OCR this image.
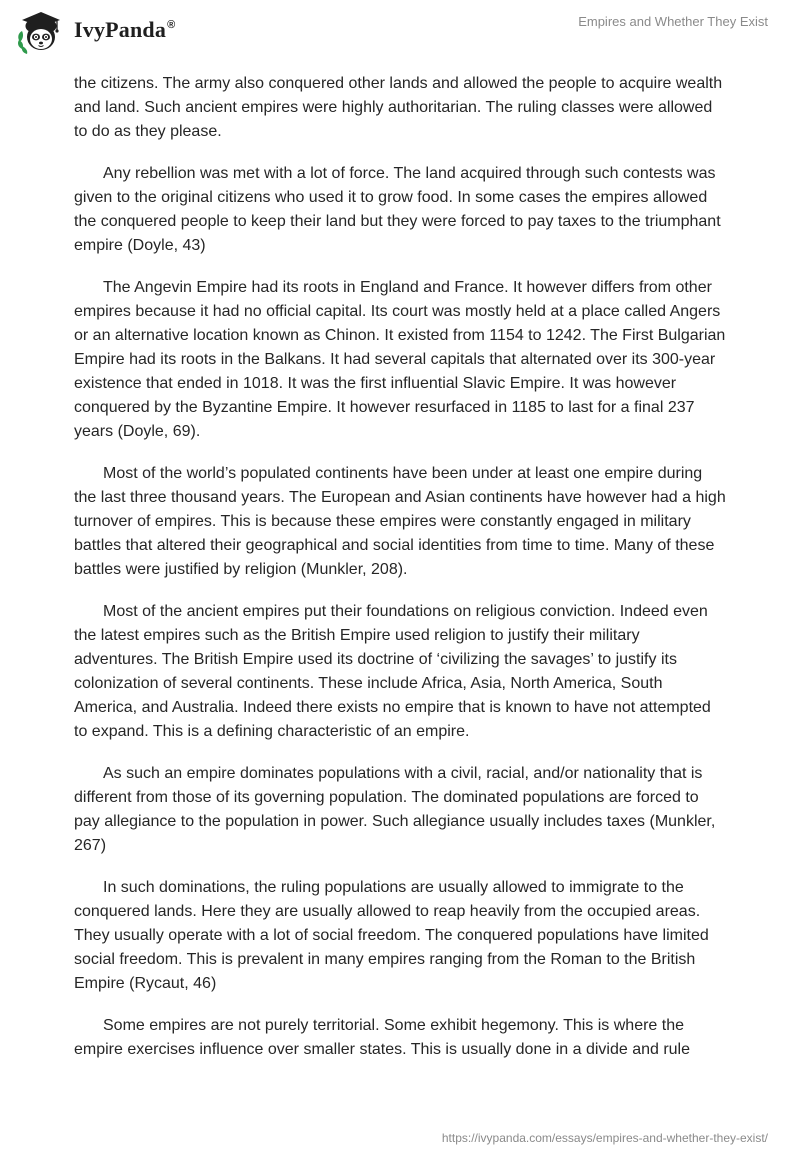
IvyPanda®	Empires and Whether They Exist

the citizens. The army also conquered other lands and allowed the people to acquire wealth and land. Such ancient empires were highly authoritarian. The ruling classes were allowed to do as they please.

Any rebellion was met with a lot of force. The land acquired through such contests was given to the original citizens who used it to grow food. In some cases the empires allowed the conquered people to keep their land but they were forced to pay taxes to the triumphant empire (Doyle, 43)

The Angevin Empire had its roots in England and France. It however differs from other empires because it had no official capital. Its court was mostly held at a place called Angers or an alternative location known as Chinon. It existed from 1154 to 1242. The First Bulgarian Empire had its roots in the Balkans. It had several capitals that alternated over its 300-year existence that ended in 1018. It was the first influential Slavic Empire. It was however conquered by the Byzantine Empire. It however resurfaced in 1185 to last for a final 237 years (Doyle, 69).

Most of the world’s populated continents have been under at least one empire during the last three thousand years. The European and Asian continents have however had a high turnover of empires. This is because these empires were constantly engaged in military battles that altered their geographical and social identities from time to time. Many of these battles were justified by religion (Munkler, 208).

Most of the ancient empires put their foundations on religious conviction. Indeed even the latest empires such as the British Empire used religion to justify their military adventures. The British Empire used its doctrine of ‘civilizing the savages’ to justify its colonization of several continents. These include Africa, Asia, North America, South America, and Australia. Indeed there exists no empire that is known to have not attempted to expand. This is a defining characteristic of an empire.

As such an empire dominates populations with a civil, racial, and/or nationality that is different from those of its governing population. The dominated populations are forced to pay allegiance to the population in power. Such allegiance usually includes taxes (Munkler, 267)

In such dominations, the ruling populations are usually allowed to immigrate to the conquered lands. Here they are usually allowed to reap heavily from the occupied areas. They usually operate with a lot of social freedom. The conquered populations have limited social freedom. This is prevalent in many empires ranging from the Roman to the British Empire (Rycaut, 46)

Some empires are not purely territorial. Some exhibit hegemony. This is where the empire exercises influence over smaller states. This is usually done in a divide and rule

https://ivypanda.com/essays/empires-and-whether-they-exist/
